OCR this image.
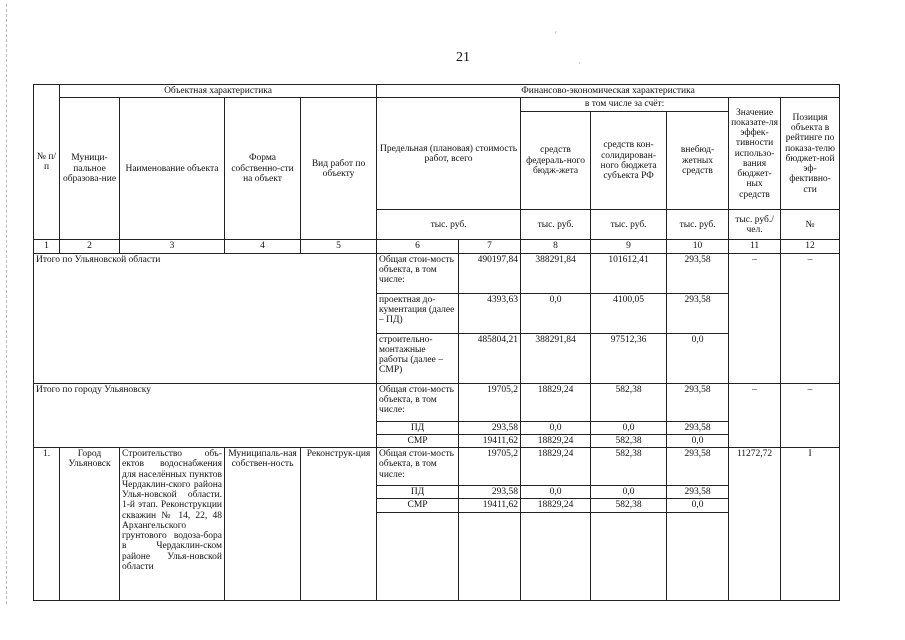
'
·
21
№ п/п	Объектная характеристика				Финансово-экономическая характеристика						
	Муници-пальное образова-ние	Наименование объекта	Форма собственно-сти на объект	Вид работ по объекту	Предельная (плановая) стоимость работ, всего		в том числе за счёт:			Значение показате-ля эффек-тивности использо-вания бюджет-ных средств	Позиция объекта в рейтинге по показа-телю бюджет-ной эф-фективно-сти
							средств федераль-ного бюдж-жета	средств кон-солидирован-ного бюджета субъекта РФ	внебюд-жетных средств		
					тыс. руб.		тыс. руб.	тыс. руб.	тыс. руб.	тыс. руб./чел.	№
1	2	3	4	5	6	7	8	9	10	11	12
Итого по Ульяновской области					Общая стои-мость объекта, в том числе:	490197,84	388291,84	101612,41	293,58	–	–
					проектная до-кументация (далее – ПД)	4393,63	0,0	4100,05	293,58		
					строительно-монтажные работы (далее – СМР)	485804,21	388291,84	97512,36	0,0		
Итого по городу Ульяновску					Общая стои-мость объекта, в том числе:	19705,2	18829,24	582,38	293,58	–	–
					ПД	293,58	0,0	0,0	293,58		
					СМР	19411,62	18829,24	582,38	0,0		
1.	Город Ульяновск	Строительство объ-ектов водоснабжения для населённых пунктов Чердаклин-ского района Улья-новской области. 1-й этап. Реконструкции скважин № 14, 22, 48 Архангельского грунтового водоза-бора в Чердаклин-ском районе Улья-новской области	Муниципаль-ная собствен-ность	Реконструк-ция	Общая стои-мость объекта, в том числе:	19705,2	18829,24	582,38	293,58	11272,72	I
					ПД	293,58	0,0	0,0	293,58		
					СМР	19411,62	18829,24	582,38	0,0		
